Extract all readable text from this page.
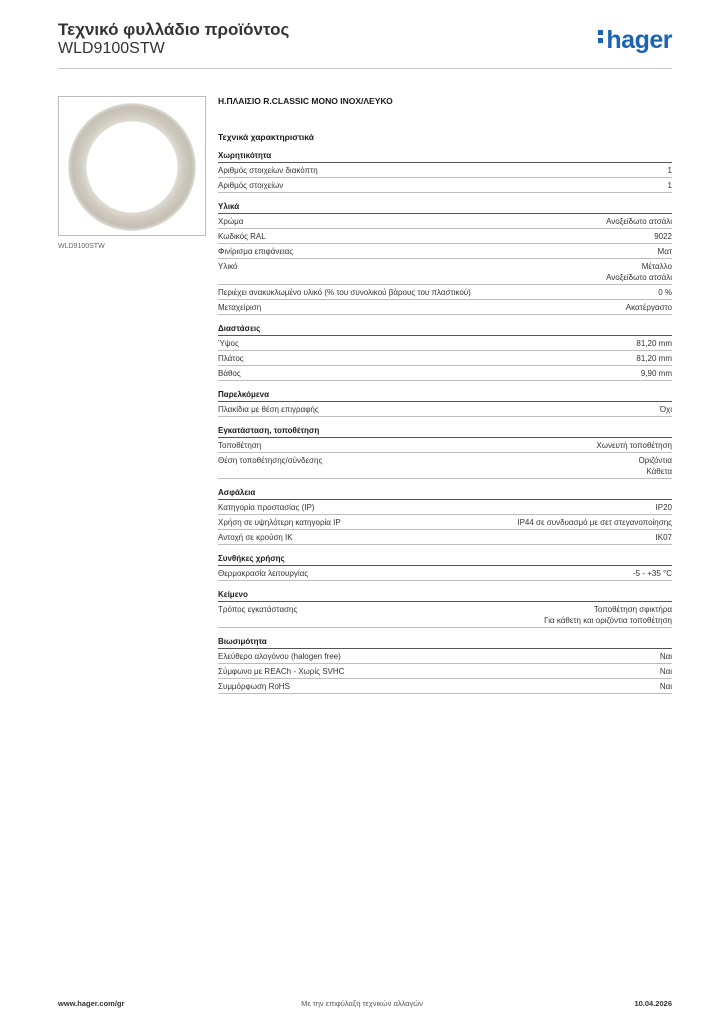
Τεχνικό φυλλάδιο προϊόντος
WLD9100STW	hager
WLD9100STW
Η.ΠΛΑΙΣΙΟ R.CLASSIC ΜΟΝΟ INOX/ΛΕΥΚΟ
Τεχνικά χαρακτηριστικά
Χωρητικότητα
Αριθμός στοιχείων διακόπτη	1
Αριθμός στοιχείων	1
Υλικά
Χρώμα	Ανοξείδωτο ατσάλι
Κωδικός RAL	9022
Φινίρισμα επιφάνειας	Ματ
Υλικό	Μέταλλο
Ανοξείδωτο ατσάλι
Περιέχει ανακυκλωμένο υλικό (% του συνολικού βάρους του πλαστικού)	0 %
Μεταχείριση	Ακατέργαστο
Διαστάσεις
Ύψος	81,20 mm
Πλάτος	81,20 mm
Βάθος	9,90 mm
Παρελκόμενα
Πλακίδια με θέση επιγραφής	Όχι
Εγκατάσταση, τοποθέτηση
Τοποθέτηση	Χωνευτή τοποθέτηση
Θέση τοποθέτησης/σύνδεσης	Οριζόντια
Κάθετα
Ασφάλεια
Κατηγορία προστασίας (IP)	IP20
Χρήση σε υψηλότερη κατηγορία IP	IP44 σε συνδυασμό με σετ στεγανοποίησης
Αντοχή σε κρούση IK	IK07
Συνθήκες χρήσης
Θερμοκρασία λειτουργίας	-5 - +35 °C
Κείμενο
Τρόπος εγκατάστασης	Τοποθέτηση σφικτήρα
Για κάθετη και οριζόντια τοποθέτηση
Βιωσιμότητα
Ελεύθερο αλογόνου (halogen free)	Ναι
Σύμφωνο με REACh - Χωρίς SVHC	Ναι
Συμμόρφωση RoHS	Ναι
www.hager.com/gr	Με την επιφύλαξη τεχνικών αλλαγών	10.04.2026
